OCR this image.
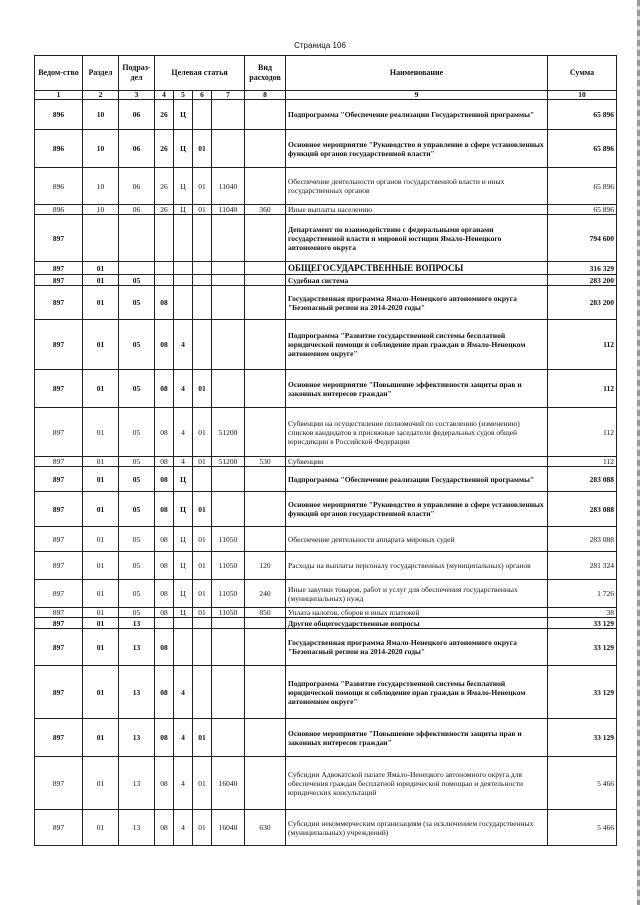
Страница 106
Ведом-ство	Раздел	Подраз-дел	Целевая статья				Вид расходов	Наименование	Сумма
1	2	3	4	5	6	7	8	9	10
896	10	06	26	Ц				Подпрограмма "Обеспечение реализации Государственной программы"	65 896
896	10	06	26	Ц	01			Основное мероприятие "Руководство и управление в сфере установленных функций органов государственной власти"	65 896
896	10	06	26	Ц	01	11040		Обеспечение деятельности органов государственной власти и иных государственных органов	65 896
896	10	06	26	Ц	01	11040	360	Иные выплаты населению	65 896
897								Департамент по взаимодействию с федеральными органами государственной власти и мировой юстиции Ямало-Ненецкого автономного округа	794 600
897	01							ОБЩЕГОСУДАРСТВЕННЫЕ ВОПРОСЫ	316 329
897	01	05						Судебная система	283 200
897	01	05	08					Государственная программа Ямало-Ненецкого автономного округа "Безопасный регион на 2014-2020 годы"	283 200
897	01	05	08	4				Подпрограмма "Развитие государственной системы бесплатной юридической помощи и соблюдение прав граждан в Ямало-Ненецком автономном округе"	112
897	01	05	08	4	01			Основное мероприятие "Повышение эффективности защиты прав и законных интересов граждан"	112
897	01	05	08	4	01	51200		Субвенции на осуществление полномочий по составлению (изменению) списков кандидатов в присяжные заседатели федеральных судов общей юрисдикции в Российской Федерации	112
897	01	05	08	4	01	51200	530	Субвенции	112
897	01	05	08	Ц				Подпрограмма "Обеспечение реализации Государственной программы"	283 088
897	01	05	08	Ц	01			Основное мероприятие "Руководство и управление в сфере установленных функций органов государственной власти"	283 088
897	01	05	08	Ц	01	11050		Обеспечение деятельности аппарата мировых судей	283 088
897	01	05	08	Ц	01	11050	120	Расходы на выплаты персоналу государственных (муниципальных) органов	281 324
897	01	05	08	Ц	01	11050	240	Иные закупки товаров, работ и услуг для обеспечения государственных (муниципальных) нужд	1 726
897	01	05	08	Ц	01	11050	850	Уплата налогов, сборов и иных платежей	38
897	01	13						Другие общегосударственные вопросы	33 129
897	01	13	08					Государственная программа Ямало-Ненецкого автономного округа "Безопасный регион на 2014-2020 годы"	33 129
897	01	13	08	4				Подпрограмма "Развитие государственной системы бесплатной юридической помощи и соблюдение прав граждан в Ямало-Ненецком автономном округе"	33 129
897	01	13	08	4	01			Основное мероприятие "Повышение эффективности защиты прав и законных интересов граждан"	33 129
897	01	13	08	4	01	16040		Субсидии Адвокатской палате Ямало-Ненецкого автономного округа для обеспечения граждан бесплатной юридической помощью и деятельности юридических консультаций	5 466
897	01	13	08	4	01	16040	630	Субсидии некоммерческим организациям (за исключением государственных (муниципальных) учреждений)	5 466
